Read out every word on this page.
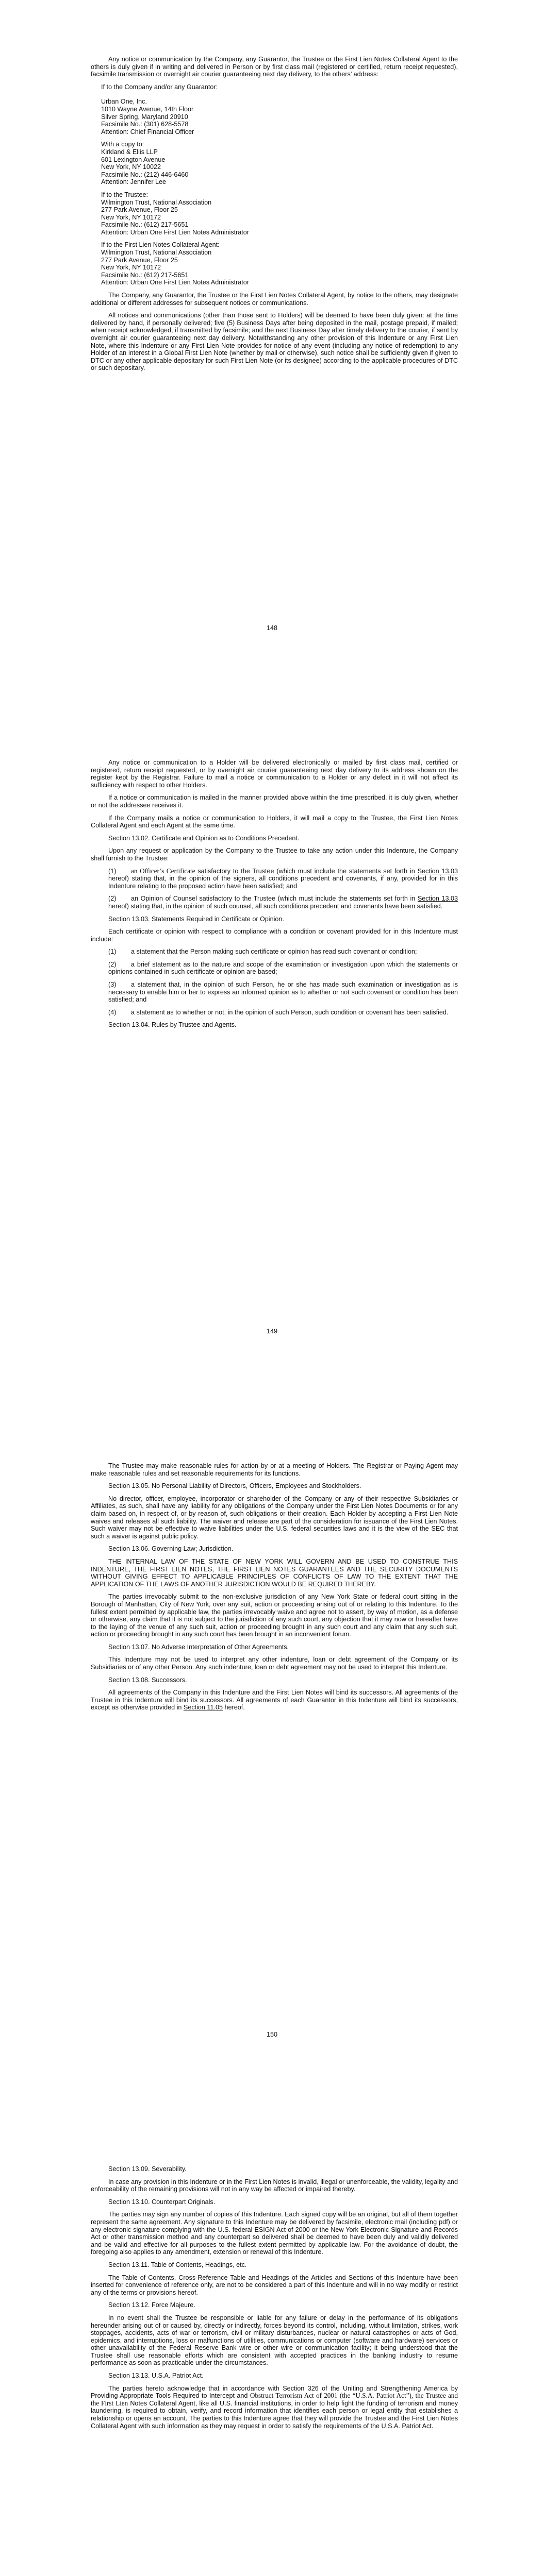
Any notice or communication by the Company, any Guarantor, the Trustee or the First Lien Notes Collateral Agent to the others is duly given if in writing and delivered in Person or by first class mail (registered or certified, return receipt requested), facsimile transmission or overnight air courier guaranteeing next day delivery, to the others’ address:

If to the Company and/or any Guarantor:
Urban One, Inc.
1010 Wayne Avenue, 14th Floor
Silver Spring, Maryland 20910
Facsimile No.: (301) 628-5578
Attention: Chief Financial Officer
With a copy to:
Kirkland & Ellis LLP
601 Lexington Avenue
New York, NY 10022
Facsimile No.: (212) 446-6460
Attention: Jennifer Lee
If to the Trustee:
Wilmington Trust, National Association
277 Park Avenue, Floor 25
New York, NY 10172
Facsimile No.: (612) 217-5651
Attention: Urban One First Lien Notes Administrator
If to the First Lien Notes Collateral Agent:
Wilmington Trust, National Association
277 Park Avenue, Floor 25
New York, NY 10172
Facsimile No.: (612) 217-5651
Attention: Urban One First Lien Notes Administrator

The Company, any Guarantor, the Trustee or the First Lien Notes Collateral Agent, by notice to the others, may designate additional or different addresses for subsequent notices or communications.

All notices and communications (other than those sent to Holders) will be deemed to have been duly given: at the time delivered by hand, if personally delivered; five (5) Business Days after being deposited in the mail, postage prepaid, if mailed; when receipt acknowledged, if transmitted by facsimile; and the next Business Day after timely delivery to the courier, if sent by overnight air courier guaranteeing next day delivery. Notwithstanding any other provision of this Indenture or any First Lien Note, where this Indenture or any First Lien Note provides for notice of any event (including any notice of redemption) to any Holder of an interest in a Global First Lien Note (whether by mail or otherwise), such notice shall be sufficiently given if given to DTC or any other applicable depositary for such First Lien Note (or its designee) according to the applicable procedures of DTC or such depositary.

148

Any notice or communication to a Holder will be delivered electronically or mailed by first class mail, certified or registered, return receipt requested, or by overnight air courier guaranteeing next day delivery to its address shown on the register kept by the Registrar. Failure to mail a notice or communication to a Holder or any defect in it will not affect its sufficiency with respect to other Holders.

If a notice or communication is mailed in the manner provided above within the time prescribed, it is duly given, whether or not the addressee receives it.

If the Company mails a notice or communication to Holders, it will mail a copy to the Trustee, the First Lien Notes Collateral Agent and each Agent at the same time.

Section 13.02. Certificate and Opinion as to Conditions Precedent.

Upon any request or application by the Company to the Trustee to take any action under this Indenture, the Company shall furnish to the Trustee:

(1) an Officer’s Certificate satisfactory to the Trustee (which must include the statements set forth in Section 13.03 hereof) stating that, in the opinion of the signers, all conditions precedent and covenants, if any, provided for in this Indenture relating to the proposed action have been satisfied; and

(2) an Opinion of Counsel satisfactory to the Trustee (which must include the statements set forth in Section 13.03 hereof) stating that, in the opinion of such counsel, all such conditions precedent and covenants have been satisfied.

Section 13.03. Statements Required in Certificate or Opinion.

Each certificate or opinion with respect to compliance with a condition or covenant provided for in this Indenture must include:

(1) a statement that the Person making such certificate or opinion has read such covenant or condition;

(2) a brief statement as to the nature and scope of the examination or investigation upon which the statements or opinions contained in such certificate or opinion are based;

(3) a statement that, in the opinion of such Person, he or she has made such examination or investigation as is necessary to enable him or her to express an informed opinion as to whether or not such covenant or condition has been satisfied; and

(4) a statement as to whether or not, in the opinion of such Person, such condition or covenant has been satisfied.

Section 13.04. Rules by Trustee and Agents.

149

The Trustee may make reasonable rules for action by or at a meeting of Holders. The Registrar or Paying Agent may make reasonable rules and set reasonable requirements for its functions.

Section 13.05. No Personal Liability of Directors, Officers, Employees and Stockholders.

No director, officer, employee, incorporator or shareholder of the Company or any of their respective Subsidiaries or Affiliates, as such, shall have any liability for any obligations of the Company under the First Lien Notes Documents or for any claim based on, in respect of, or by reason of, such obligations or their creation. Each Holder by accepting a First Lien Note waives and releases all such liability. The waiver and release are part of the consideration for issuance of the First Lien Notes. Such waiver may not be effective to waive liabilities under the U.S. federal securities laws and it is the view of the SEC that such a waiver is against public policy.

Section 13.06. Governing Law; Jurisdiction.

THE INTERNAL LAW OF THE STATE OF NEW YORK WILL GOVERN AND BE USED TO CONSTRUE THIS INDENTURE, THE FIRST LIEN NOTES, THE FIRST LIEN NOTES GUARANTEES AND THE SECURITY DOCUMENTS WITHOUT GIVING EFFECT TO APPLICABLE PRINCIPLES OF CONFLICTS OF LAW TO THE EXTENT THAT THE APPLICATION OF THE LAWS OF ANOTHER JURISDICTION WOULD BE REQUIRED THEREBY.

The parties irrevocably submit to the non-exclusive jurisdiction of any New York State or federal court sitting in the Borough of Manhattan, City of New York, over any suit, action or proceeding arising out of or relating to this Indenture. To the fullest extent permitted by applicable law, the parties irrevocably waive and agree not to assert, by way of motion, as a defense or otherwise, any claim that it is not subject to the jurisdiction of any such court, any objection that it may now or hereafter have to the laying of the venue of any such suit, action or proceeding brought in any such court and any claim that any such suit, action or proceeding brought in any such court has been brought in an inconvenient forum.

Section 13.07. No Adverse Interpretation of Other Agreements.

This Indenture may not be used to interpret any other indenture, loan or debt agreement of the Company or its Subsidiaries or of any other Person. Any such indenture, loan or debt agreement may not be used to interpret this Indenture.

Section 13.08. Successors.

All agreements of the Company in this Indenture and the First Lien Notes will bind its successors. All agreements of the Trustee in this Indenture will bind its successors. All agreements of each Guarantor in this Indenture will bind its successors, except as otherwise provided in Section 11.05 hereof.

150

Section 13.09. Severability.

In case any provision in this Indenture or in the First Lien Notes is invalid, illegal or unenforceable, the validity, legality and enforceability of the remaining provisions will not in any way be affected or impaired thereby.

Section 13.10. Counterpart Originals.

The parties may sign any number of copies of this Indenture. Each signed copy will be an original, but all of them together represent the same agreement. Any signature to this Indenture may be delivered by facsimile, electronic mail (including pdf) or any electronic signature complying with the U.S. federal ESIGN Act of 2000 or the New York Electronic Signature and Records Act or other transmission method and any counterpart so delivered shall be deemed to have been duly and validly delivered and be valid and effective for all purposes to the fullest extent permitted by applicable law. For the avoidance of doubt, the foregoing also applies to any amendment, extension or renewal of this Indenture.

Section 13.11. Table of Contents, Headings, etc.

The Table of Contents, Cross-Reference Table and Headings of the Articles and Sections of this Indenture have been inserted for convenience of reference only, are not to be considered a part of this Indenture and will in no way modify or restrict any of the terms or provisions hereof.

Section 13.12. Force Majeure.

In no event shall the Trustee be responsible or liable for any failure or delay in the performance of its obligations hereunder arising out of or caused by, directly or indirectly, forces beyond its control, including, without limitation, strikes, work stoppages, accidents, acts of war or terrorism, civil or military disturbances, nuclear or natural catastrophes or acts of God, epidemics, and interruptions, loss or malfunctions of utilities, communications or computer (software and hardware) services or other unavailability of the Federal Reserve Bank wire or other wire or communication facility; it being understood that the Trustee shall use reasonable efforts which are consistent with accepted practices in the banking industry to resume performance as soon as practicable under the circumstances.

Section 13.13. U.S.A. Patriot Act.

The parties hereto acknowledge that in accordance with Section 326 of the Uniting and Strengthening America by Providing Appropriate Tools Required to Intercept and Obstruct Terrorism Act of 2001 (the “U.S.A. Patriot Act”), the Trustee and the First Lien Notes Collateral Agent, like all U.S. financial institutions, in order to help fight the funding of terrorism and money laundering, is required to obtain, verify, and record information that identifies each person or legal entity that establishes a relationship or opens an account. The parties to this Indenture agree that they will provide the Trustee and the First Lien Notes Collateral Agent with such information as they may request in order to satisfy the requirements of the U.S.A. Patriot Act.
